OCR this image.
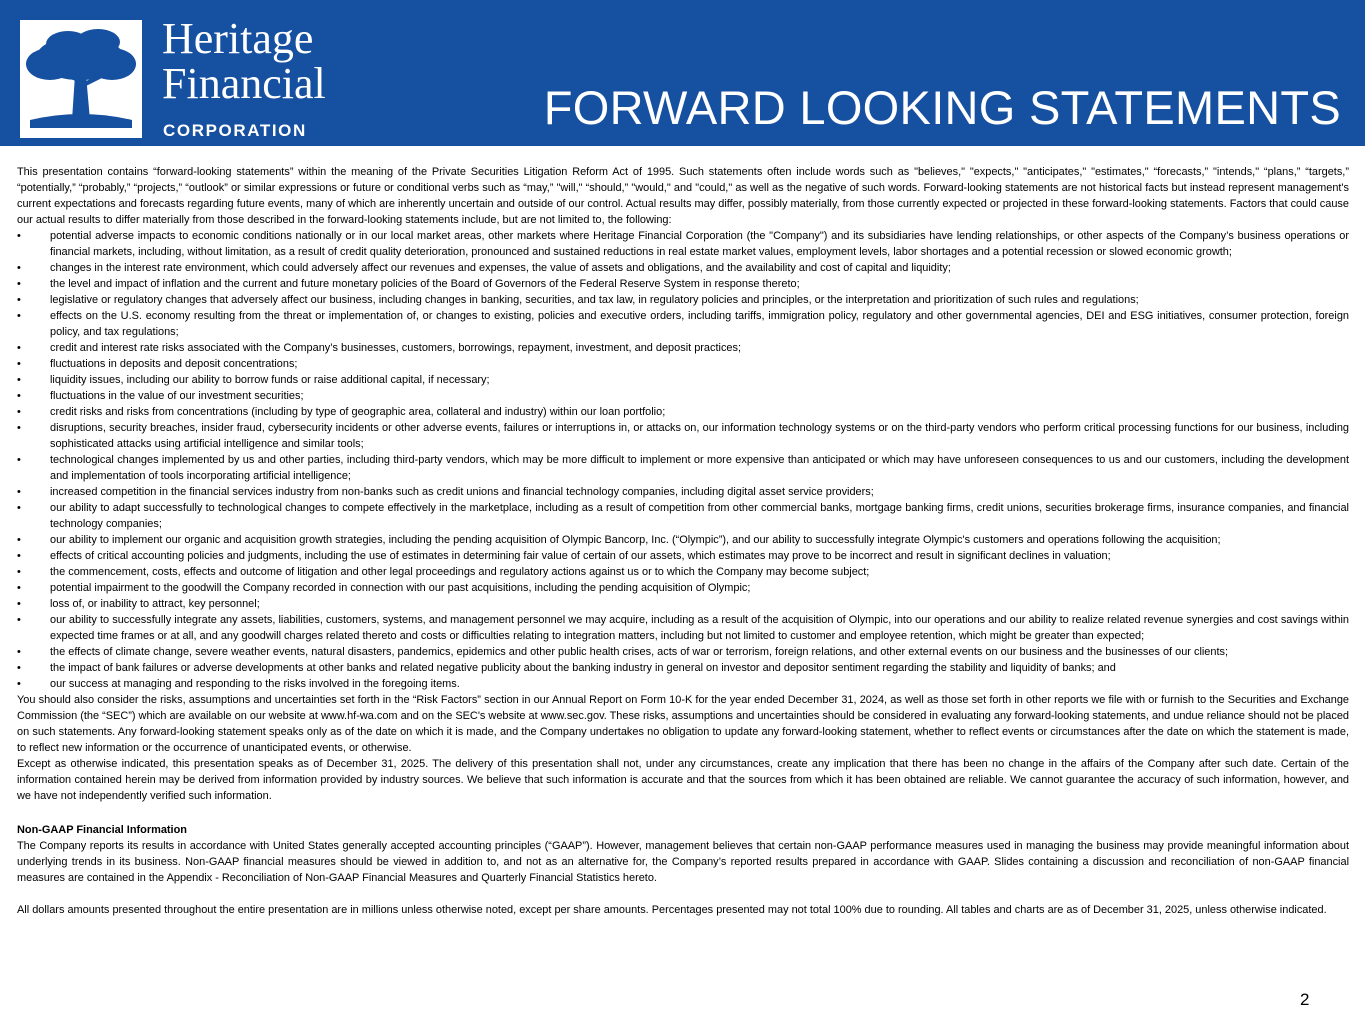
Heritage
Financial
CORPORATION	FORWARD LOOKING STATEMENTS

This presentation contains “forward-looking statements” within the meaning of the Private Securities Litigation Reform Act of 1995. Such statements often include words such as "believes," "expects," "anticipates," "estimates," “forecasts,” "intends," “plans,” “targets,” “potentially,” “probably,” “projects,” “outlook” or similar expressions or future or conditional verbs such as “may,” "will," “should,” "would," and "could," as well as the negative of such words. Forward-looking statements are not historical facts but instead represent management's current expectations and forecasts regarding future events, many of which are inherently uncertain and outside of our control. Actual results may differ, possibly materially, from those currently expected or projected in these forward-looking statements. Factors that could cause our actual results to differ materially from those described in the forward-looking statements include, but are not limited to, the following:

•	potential adverse impacts to economic conditions nationally or in our local market areas, other markets where Heritage Financial Corporation (the "Company") and its subsidiaries have lending relationships, or other aspects of the Company’s business operations or financial markets, including, without limitation, as a result of credit quality deterioration, pronounced and sustained reductions in real estate market values, employment levels, labor shortages and a potential recession or slowed economic growth;
•	changes in the interest rate environment, which could adversely affect our revenues and expenses, the value of assets and obligations, and the availability and cost of capital and liquidity;
•	the level and impact of inflation and the current and future monetary policies of the Board of Governors of the Federal Reserve System in response thereto;
•	legislative or regulatory changes that adversely affect our business, including changes in banking, securities, and tax law, in regulatory policies and principles, or the interpretation and prioritization of such rules and regulations;
•	effects on the U.S. economy resulting from the threat or implementation of, or changes to existing, policies and executive orders, including tariffs, immigration policy, regulatory and other governmental agencies, DEI and ESG initiatives, consumer protection, foreign policy, and tax regulations;
•	credit and interest rate risks associated with the Company’s businesses, customers, borrowings, repayment, investment, and deposit practices;
•	fluctuations in deposits and deposit concentrations;
•	liquidity issues, including our ability to borrow funds or raise additional capital, if necessary;
•	fluctuations in the value of our investment securities;
•	credit risks and risks from concentrations (including by type of geographic area, collateral and industry) within our loan portfolio;
•	disruptions, security breaches, insider fraud, cybersecurity incidents or other adverse events, failures or interruptions in, or attacks on, our information technology systems or on the third-party vendors who perform critical processing functions for our business, including sophisticated attacks using artificial intelligence and similar tools;
•	technological changes implemented by us and other parties, including third-party vendors, which may be more difficult to implement or more expensive than anticipated or which may have unforeseen consequences to us and our customers, including the development and implementation of tools incorporating artificial intelligence;
•	increased competition in the financial services industry from non-banks such as credit unions and financial technology companies, including digital asset service providers;
•	our ability to adapt successfully to technological changes to compete effectively in the marketplace, including as a result of competition from other commercial banks, mortgage banking firms, credit unions, securities brokerage firms, insurance companies, and financial technology companies;
•	our ability to implement our organic and acquisition growth strategies, including the pending acquisition of Olympic Bancorp, Inc. (“Olympic”), and our ability to successfully integrate Olympic's customers and operations following the acquisition;
•	effects of critical accounting policies and judgments, including the use of estimates in determining fair value of certain of our assets, which estimates may prove to be incorrect and result in significant declines in valuation;
•	the commencement, costs, effects and outcome of litigation and other legal proceedings and regulatory actions against us or to which the Company may become subject;
•	potential impairment to the goodwill the Company recorded in connection with our past acquisitions, including the pending acquisition of Olympic;
•	loss of, or inability to attract, key personnel;
•	our ability to successfully integrate any assets, liabilities, customers, systems, and management personnel we may acquire, including as a result of the acquisition of Olympic, into our operations and our ability to realize related revenue synergies and cost savings within expected time frames or at all, and any goodwill charges related thereto and costs or difficulties relating to integration matters, including but not limited to customer and employee retention, which might be greater than expected;
•	the effects of climate change, severe weather events, natural disasters, pandemics, epidemics and other public health crises, acts of war or terrorism, foreign relations, and other external events on our business and the businesses of our clients;
•	the impact of bank failures or adverse developments at other banks and related negative publicity about the banking industry in general on investor and depositor sentiment regarding the stability and liquidity of banks; and
•	our success at managing and responding to the risks involved in the foregoing items.

You should also consider the risks, assumptions and uncertainties set forth in the “Risk Factors” section in our Annual Report on Form 10-K for the year ended December 31, 2024, as well as those set forth in other reports we file with or furnish to the Securities and Exchange Commission (the “SEC”) which are available on our website at www.hf-wa.com and on the SEC's website at www.sec.gov. These risks, assumptions and uncertainties should be considered in evaluating any forward-looking statements, and undue reliance should not be placed on such statements. Any forward-looking statement speaks only as of the date on which it is made, and the Company undertakes no obligation to update any forward-looking statement, whether to reflect events or circumstances after the date on which the statement is made, to reflect new information or the occurrence of unanticipated events, or otherwise.

Except as otherwise indicated, this presentation speaks as of December 31, 2025. The delivery of this presentation shall not, under any circumstances, create any implication that there has been no change in the affairs of the Company after such date. Certain of the information contained herein may be derived from information provided by industry sources. We believe that such information is accurate and that the sources from which it has been obtained are reliable. We cannot guarantee the accuracy of such information, however, and we have not independently verified such information.

Non-GAAP Financial Information

The Company reports its results in accordance with United States generally accepted accounting principles (“GAAP”). However, management believes that certain non-GAAP performance measures used in managing the business may provide meaningful information about underlying trends in its business. Non-GAAP financial measures should be viewed in addition to, and not as an alternative for, the Company’s reported results prepared in accordance with GAAP. Slides containing a discussion and reconciliation of non-GAAP financial measures are contained in the Appendix - Reconciliation of Non-GAAP Financial Measures and Quarterly Financial Statistics hereto.

All dollars amounts presented throughout the entire presentation are in millions unless otherwise noted, except per share amounts. Percentages presented may not total 100% due to rounding. All tables and charts are as of December 31, 2025, unless otherwise indicated.

2
